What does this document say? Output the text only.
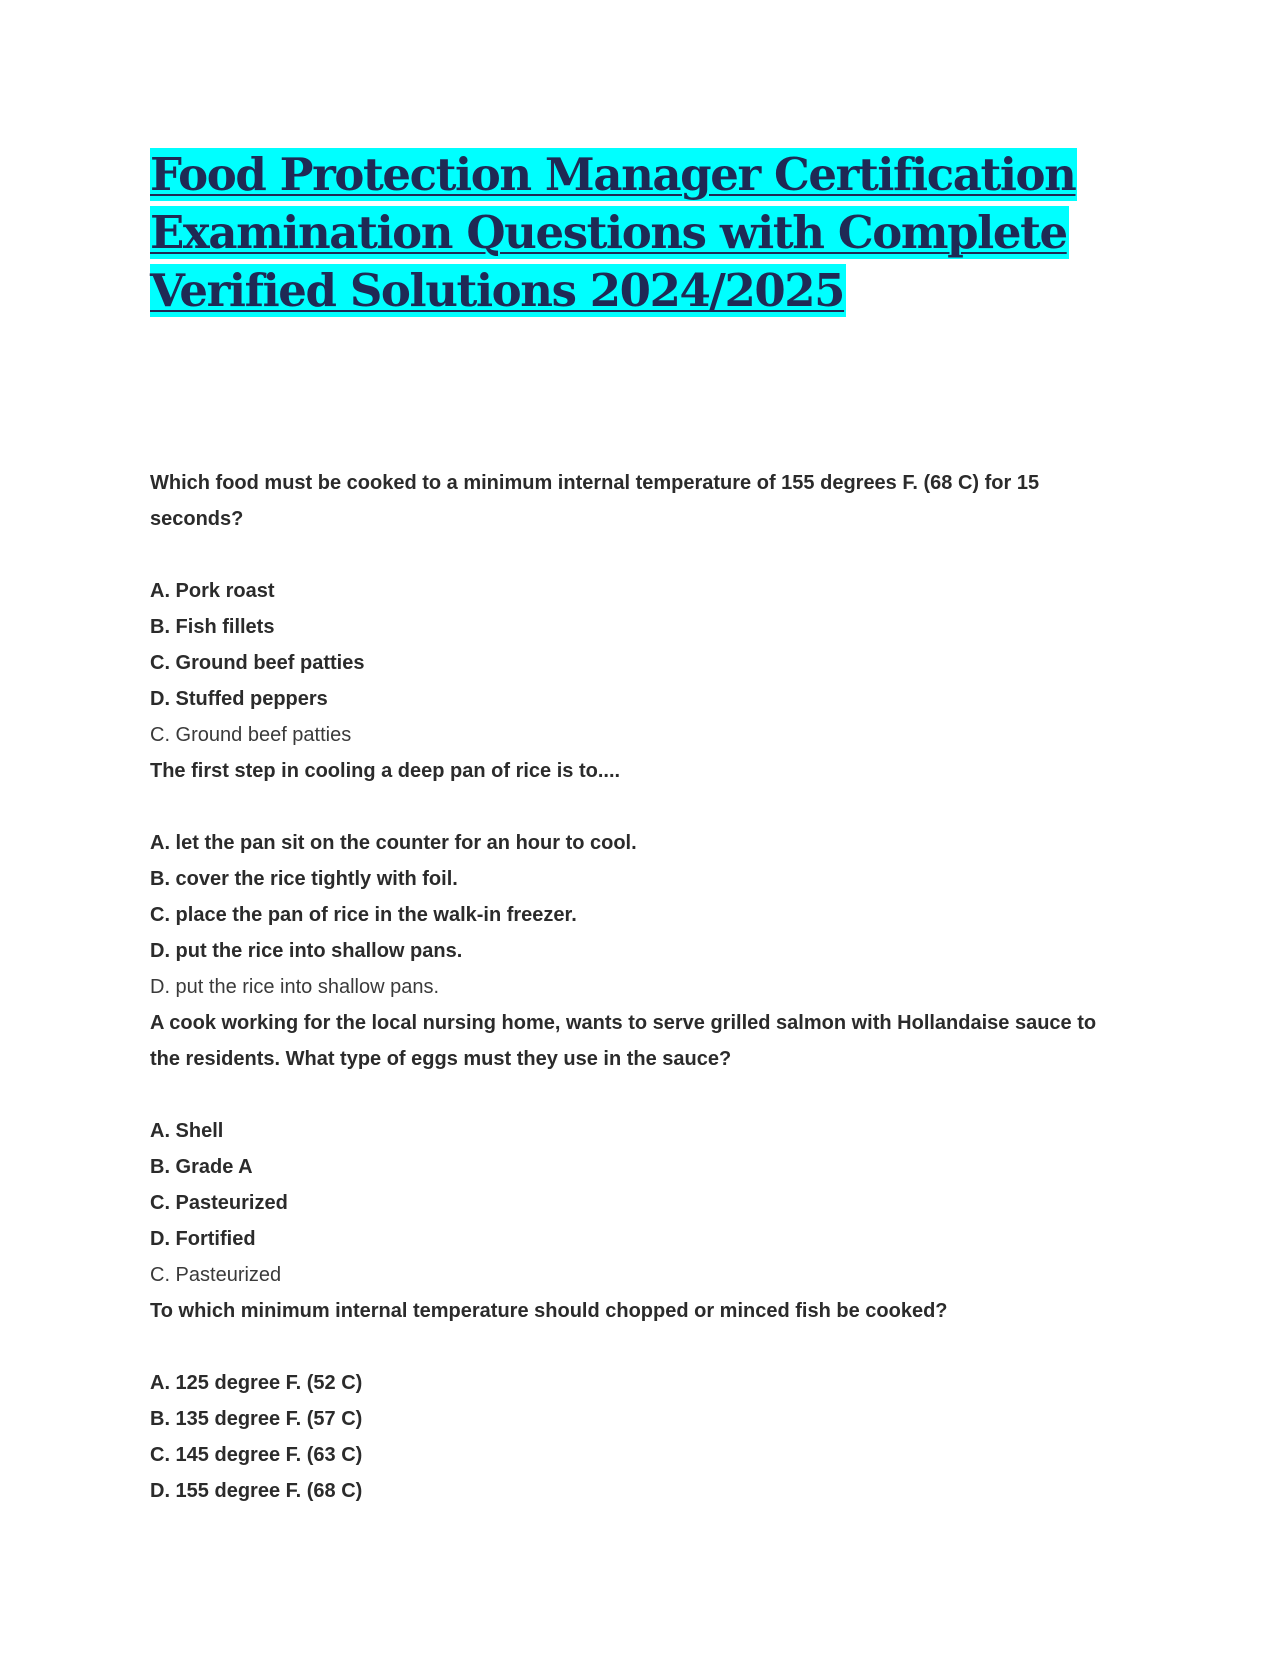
Food Protection Manager Certification
Examination Questions with Complete
Verified Solutions 2024/2025

Which food must be cooked to a minimum internal temperature of 155 degrees F. (68 C) for 15 seconds?

A. Pork roast

B. Fish fillets

C. Ground beef patties

D. Stuffed peppers

C. Ground beef patties

The first step in cooling a deep pan of rice is to....

A. let the pan sit on the counter for an hour to cool.

B. cover the rice tightly with foil.

C. place the pan of rice in the walk-in freezer.

D. put the rice into shallow pans.

D. put the rice into shallow pans.

A cook working for the local nursing home, wants to serve grilled salmon with Hollandaise sauce to the residents. What type of eggs must they use in the sauce?

A. Shell

B. Grade A

C. Pasteurized

D. Fortified

C. Pasteurized

To which minimum internal temperature should chopped or minced fish be cooked?

A. 125 degree F. (52 C)

B. 135 degree F. (57 C)

C. 145 degree F. (63 C)

D. 155 degree F. (68 C)
